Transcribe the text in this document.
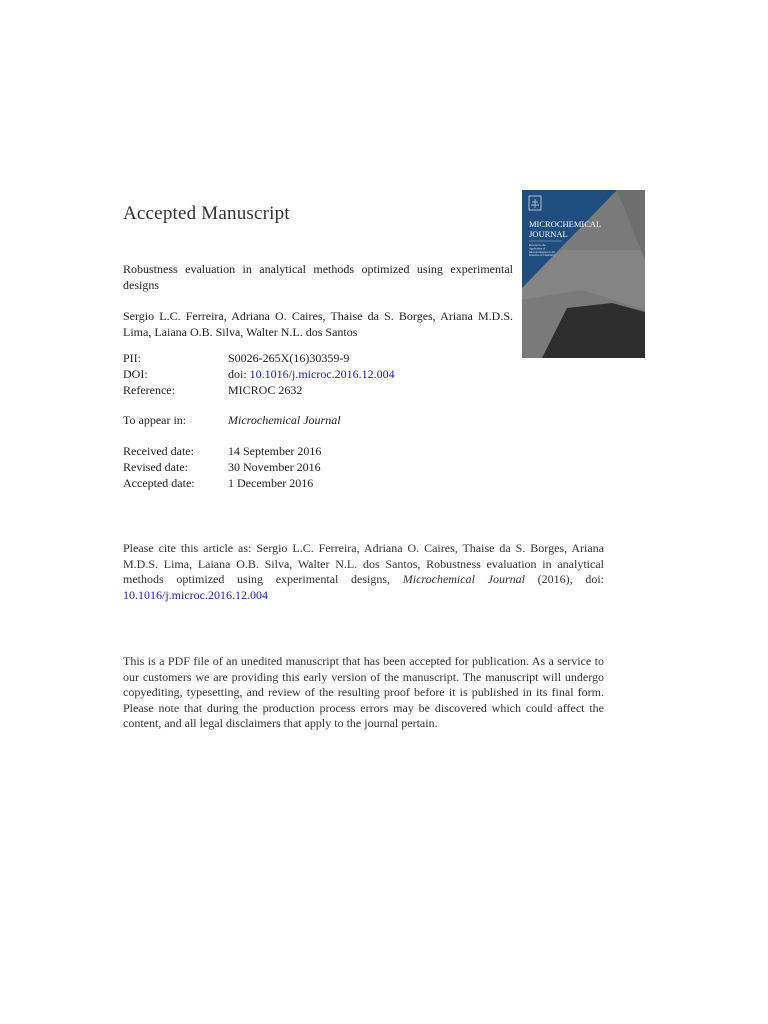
Accepted Manuscript
Robustness evaluation in analytical methods optimized using experimental designs
Sergio L.C. Ferreira, Adriana O. Caires, Thaise da S. Borges, Ariana M.D.S. Lima, Laiana O.B. Silva, Walter N.L. dos Santos
PII:	S0026-265X(16)30359-9
DOI:	doi: 10.1016/j.microc.2016.12.004
Reference:	MICROC 2632
To appear in:	Microchemical Journal
Received date:	14 September 2016
Revised date:	30 November 2016
Accepted date:	1 December 2016
MICROCHEMICAL
JOURNAL
Devoted to the Application of Microtechniques in All Branches of Chemistry
Please cite this article as: Sergio L.C. Ferreira, Adriana O. Caires, Thaise da S. Borges, Ariana M.D.S. Lima, Laiana O.B. Silva, Walter N.L. dos Santos, Robustness evaluation in analytical methods optimized using experimental designs, Microchemical Journal (2016), doi: 10.1016/j.microc.2016.12.004
This is a PDF file of an unedited manuscript that has been accepted for publication. As a service to our customers we are providing this early version of the manuscript. The manuscript will undergo copyediting, typesetting, and review of the resulting proof before it is published in its final form. Please note that during the production process errors may be discovered which could affect the content, and all legal disclaimers that apply to the journal pertain.
